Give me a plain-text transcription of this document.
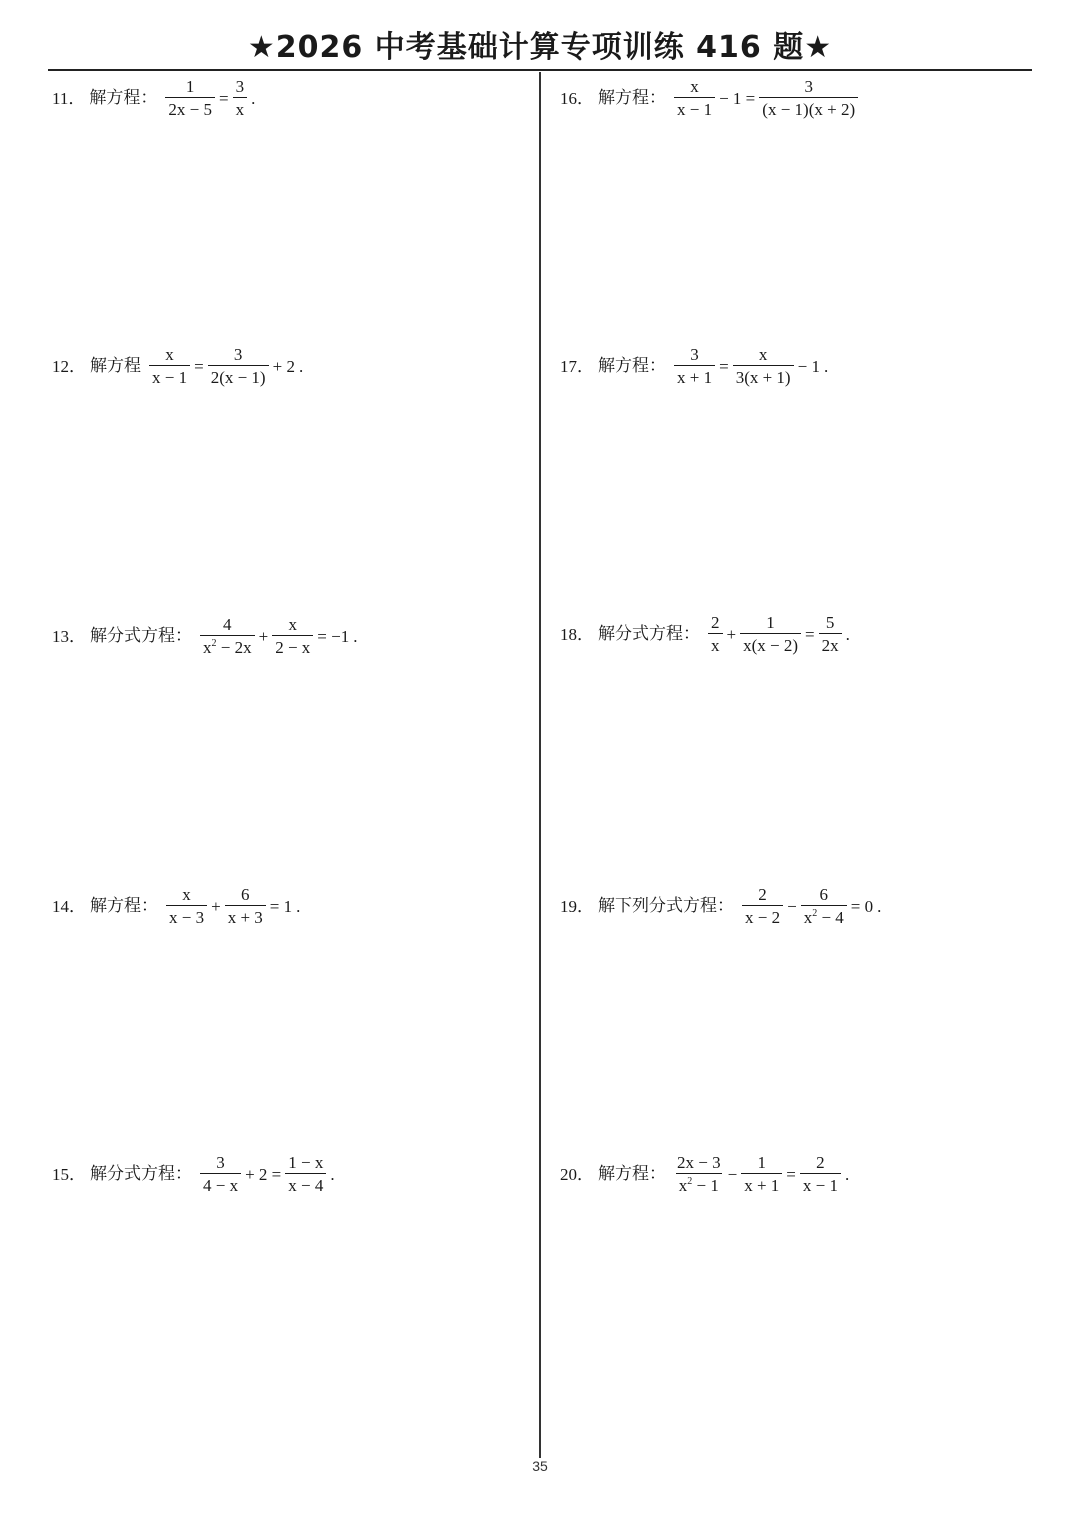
★2026 中考基础计算专项训练 416 题★
11． 解方程： $\frac{1}{2x - 5} = \frac{3}{x}$ .
12． 解方程 $\frac{x}{x - 1} = \frac{3}{2(x - 1)} + 2$ .
13． 解分式方程： $\frac{4}{x^2 - 2x} + \frac{x}{2 - x} = -1$ .
14． 解方程： $\frac{x}{x - 3} + \frac{6}{x + 3} = 1$ .
15． 解分式方程： $\frac{3}{4 - x} + 2 = \frac{1 - x}{x - 4}$ .
16． 解方程： $\frac{x}{x - 1} - 1 = \frac{3}{(x - 1)(x + 2)}$
17． 解方程： $\frac{3}{x + 1} = \frac{x}{3(x + 1)} - 1$ .
18． 解分式方程： $\frac{2}{x} + \frac{1}{x(x - 2)} = \frac{5}{2x}$ .
19． 解下列分式方程： $\frac{2}{x - 2} - \frac{6}{x^2 - 4} = 0$ .
20． 解方程： $\frac{2x - 3}{x^2 - 1} - \frac{1}{x + 1} = \frac{2}{x - 1}$ .
35
